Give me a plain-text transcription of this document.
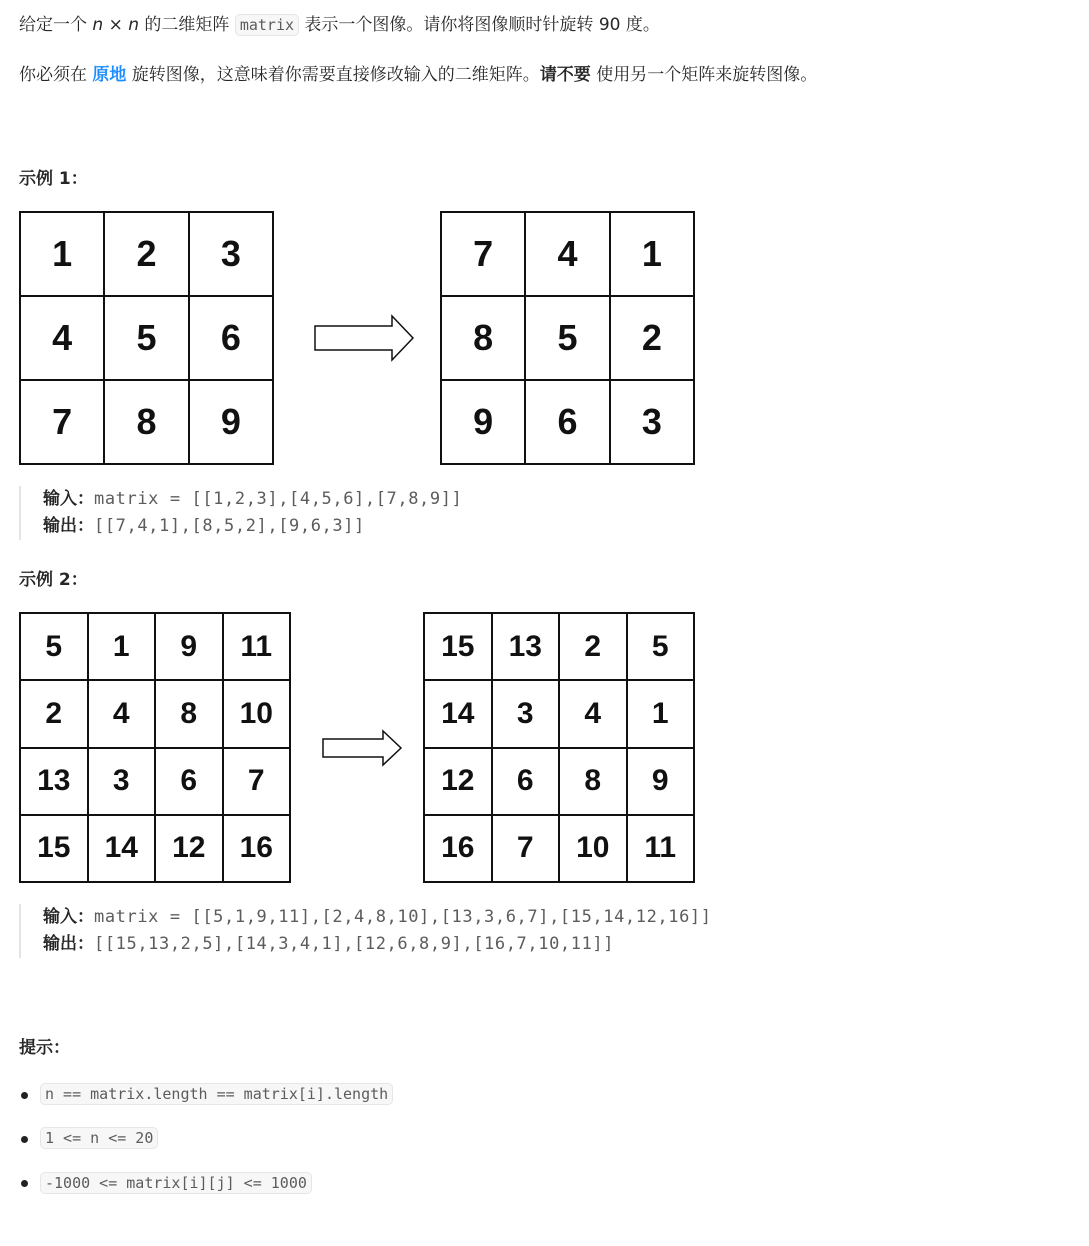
给定一个 n × n 的二维矩阵 matrix 表示一个图像。请你将图像顺时针旋转 90 度。
你必须在 原地 旋转图像，这意味着你需要直接修改输入的二维矩阵。请不要 使用另一个矩阵来旋转图像。
示例 1：
1	2	3
4	5	6
7	8	9
7	4	1
8	5	2
9	6	3
输入：matrix = [[1,2,3],[4,5,6],[7,8,9]]
输出：[[7,4,1],[8,5,2],[9,6,3]]
示例 2：
5	1	9	11
2	4	8	10
13	3	6	7
15	14	12	16
15	13	2	5
14	3	4	1
12	6	8	9
16	7	10	11
输入：matrix = [[5,1,9,11],[2,4,8,10],[13,3,6,7],[15,14,12,16]]
输出：[[15,13,2,5],[14,3,4,1],[12,6,8,9],[16,7,10,11]]
提示：
n == matrix.length == matrix[i].length
1 <= n <= 20
-1000 <= matrix[i][j] <= 1000
